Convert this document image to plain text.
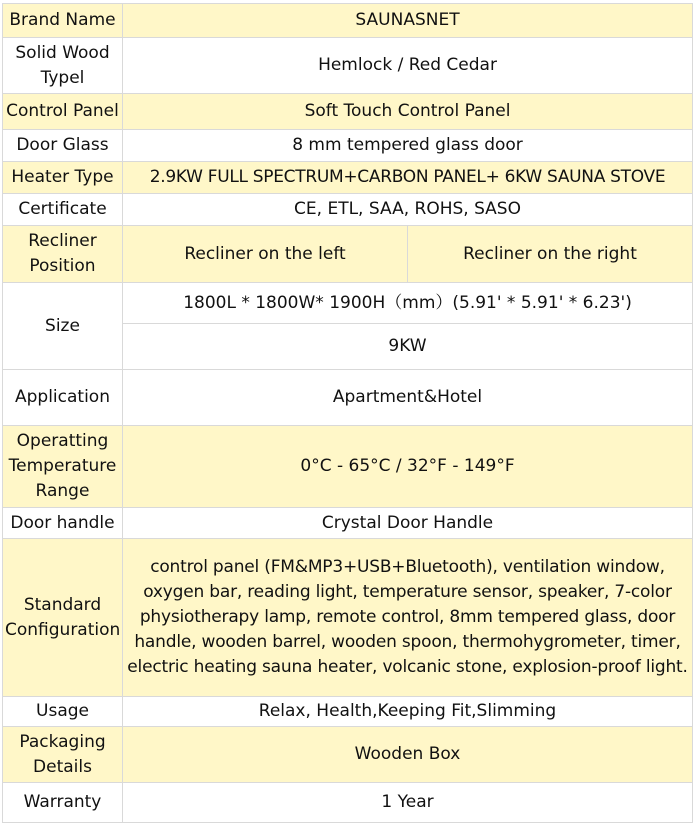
Brand Name	SAUNASNET	
Solid Wood Typel	Hemlock / Red Cedar	
Control Panel	Soft Touch Control Panel	
Door Glass	8 mm tempered glass door	
Heater Type	2.9KW FULL SPECTRUM+CARBON PANEL+ 6KW SAUNA STOVE	
Certificate	CE, ETL, SAA, ROHS, SASO	
Recliner Position	Recliner on the left	Recliner on the right
Size	1800L * 1800W* 1900H（mm）(5.91' * 5.91' * 6.23')	
	9KW	
Application	Apartment&Hotel	
Operatting Temperature Range	0°C - 65°C / 32°F - 149°F	
Door handle	Crystal Door Handle	
Standard Configuration	control panel (FM&MP3+USB+Bluetooth), ventilation window, oxygen bar, reading light, temperature sensor, speaker, 7-color physiotherapy lamp, remote control, 8mm tempered glass, door handle, wooden barrel, wooden spoon, thermohygrometer, timer, electric heating sauna heater, volcanic stone, explosion-proof light.	
Usage	Relax, Health,Keeping Fit,Slimming	
Packaging Details	Wooden Box	
Warranty	1 Year	
